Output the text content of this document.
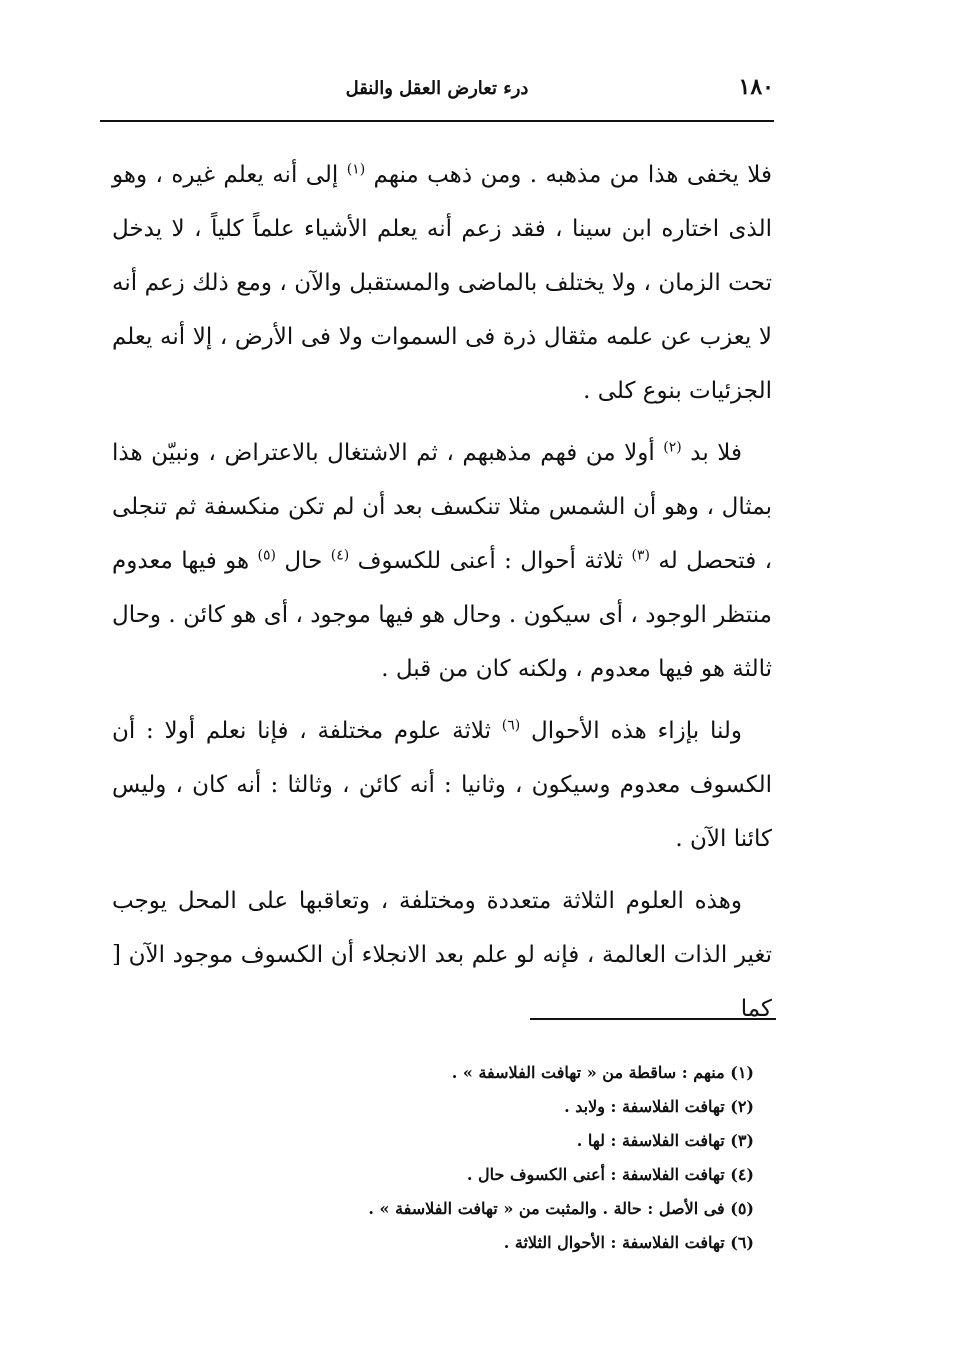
١٨٠
درء تعارض العقل والنقل

فلا يخفى هذا من مذهبه . ومن ذهب منهم $^{(١)}$ إلى أنه يعلم غيره ، وهو الذى اختاره ابن سينا ، فقد زعم أنه يعلم الأشياء علماً كلياً ، لا يدخل تحت الزمان ، ولا يختلف بالماضى والمستقبل والآن ، ومع ذلك زعم أنه لا يعزب عن علمه مثقال ذرة فى السموات ولا فى الأرض ، إلا أنه يعلم الجزئيات بنوع كلى .

فلا بد $^{(٢)}$ أولا من فهم مذهبهم ، ثم الاشتغال بالاعتراض ، ونبيّن هذا بمثال ، وهو أن الشمس مثلا تنكسف بعد أن لم تكن منكسفة ثم تنجلى ، فتحصل له $^{(٣)}$ ثلاثة أحوال : أعنى للكسوف $^{(٤)}$ حال $^{(٥)}$ هو فيها معدوم منتظر الوجود ، أى سيكون . وحال هو فيها موجود ، أى هو كائن . وحال ثالثة هو فيها معدوم ، ولكنه كان من قبل .

ولنا بإزاء هذه الأحوال $^{(٦)}$ ثلاثة علوم مختلفة ، فإنا نعلم أولا : أن الكسوف معدوم وسيكون ، وثانيا : أنه كائن ، وثالثا : أنه كان ، وليس كائنا الآن .

وهذه العلوم الثلاثة متعددة ومختلفة ، وتعاقبها على المحل يوجب تغير الذات العالمة ، فإنه لو علم بعد الانجلاء أن الكسوف موجود الآن [ كما

(١) منهم : ساقطة من « تهافت الفلاسفة » .
(٢) تهافت الفلاسفة : ولابد .
(٣) تهافت الفلاسفة : لها .
(٤) تهافت الفلاسفة : أعنى الكسوف حال .
(٥) فى الأصل : حالة . والمثبت من « تهافت الفلاسفة » .
(٦) تهافت الفلاسفة : الأحوال الثلاثة .
